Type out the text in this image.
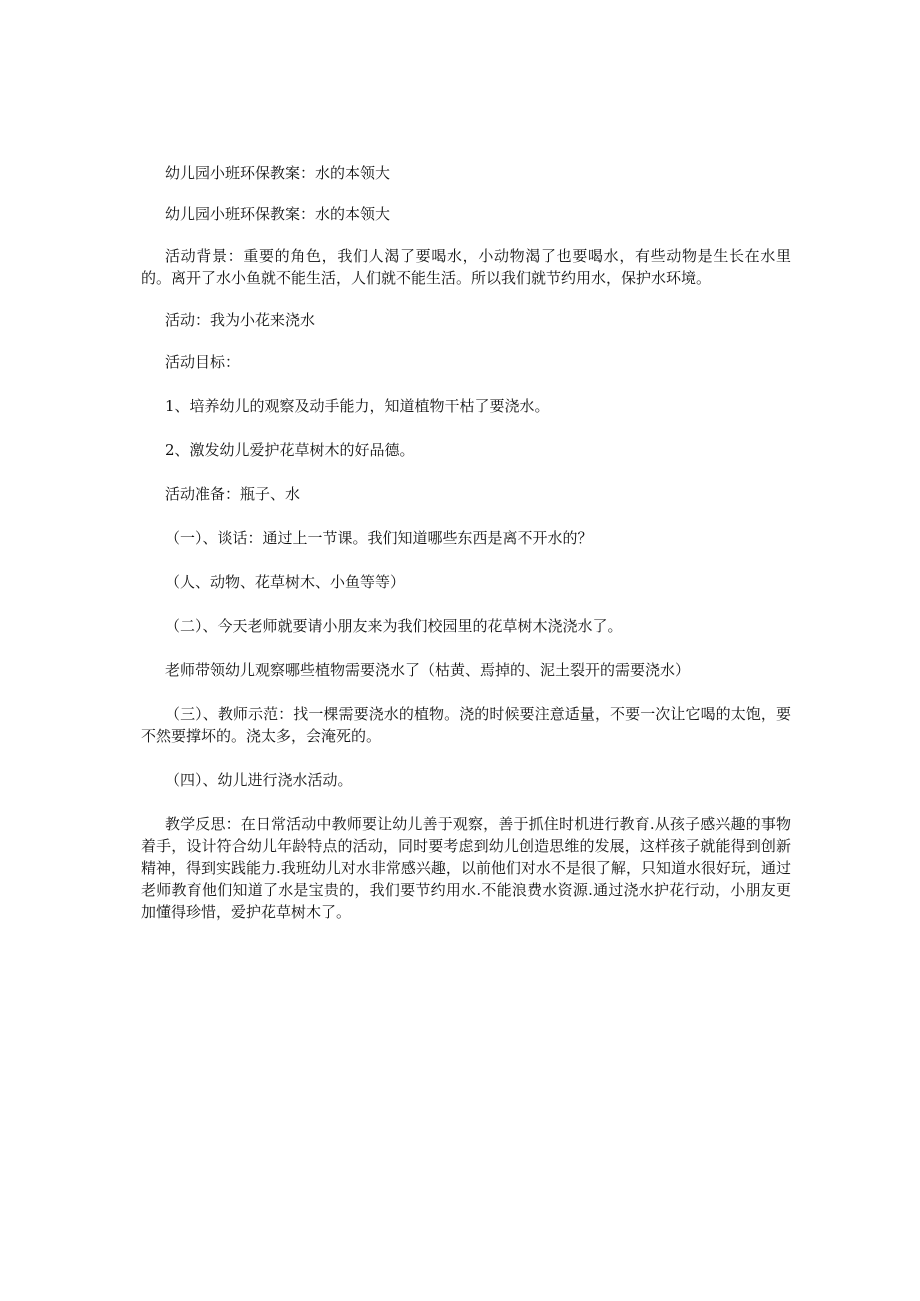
幼儿园小班环保教案：水的本领大

幼儿园小班环保教案：水的本领大

活动背景：重要的角色，我们人渴了要喝水，小动物渴了也要喝水，有些动物是生长在水里的。离开了水小鱼就不能生活，人们就不能生活。所以我们就节约用水，保护水环境。

活动：我为小花来浇水

活动目标：

1、培养幼儿的观察及动手能力，知道植物干枯了要浇水。

2、激发幼儿爱护花草树木的好品德。

活动准备：瓶子、水

（一）、谈话：通过上一节课。我们知道哪些东西是离不开水的？

（人、动物、花草树木、小鱼等等）

（二）、今天老师就要请小朋友来为我们校园里的花草树木浇浇水了。

老师带领幼儿观察哪些植物需要浇水了（枯黄、焉掉的、泥土裂开的需要浇水）

（三）、教师示范：找一棵需要浇水的植物。浇的时候要注意适量，不要一次让它喝的太饱，要不然要撑坏的。浇太多，会淹死的。

（四）、幼儿进行浇水活动。

教学反思：在日常活动中教师要让幼儿善于观察，善于抓住时机进行教育.从孩子感兴趣的事物着手，设计符合幼儿年龄特点的活动，同时要考虑到幼儿创造思维的发展，这样孩子就能得到创新精神，得到实践能力.我班幼儿对水非常感兴趣，以前他们对水不是很了解，只知道水很好玩，通过老师教育他们知道了水是宝贵的，我们要节约用水.不能浪费水资源.通过浇水护花行动，小朋友更加懂得珍惜，爱护花草树木了。
